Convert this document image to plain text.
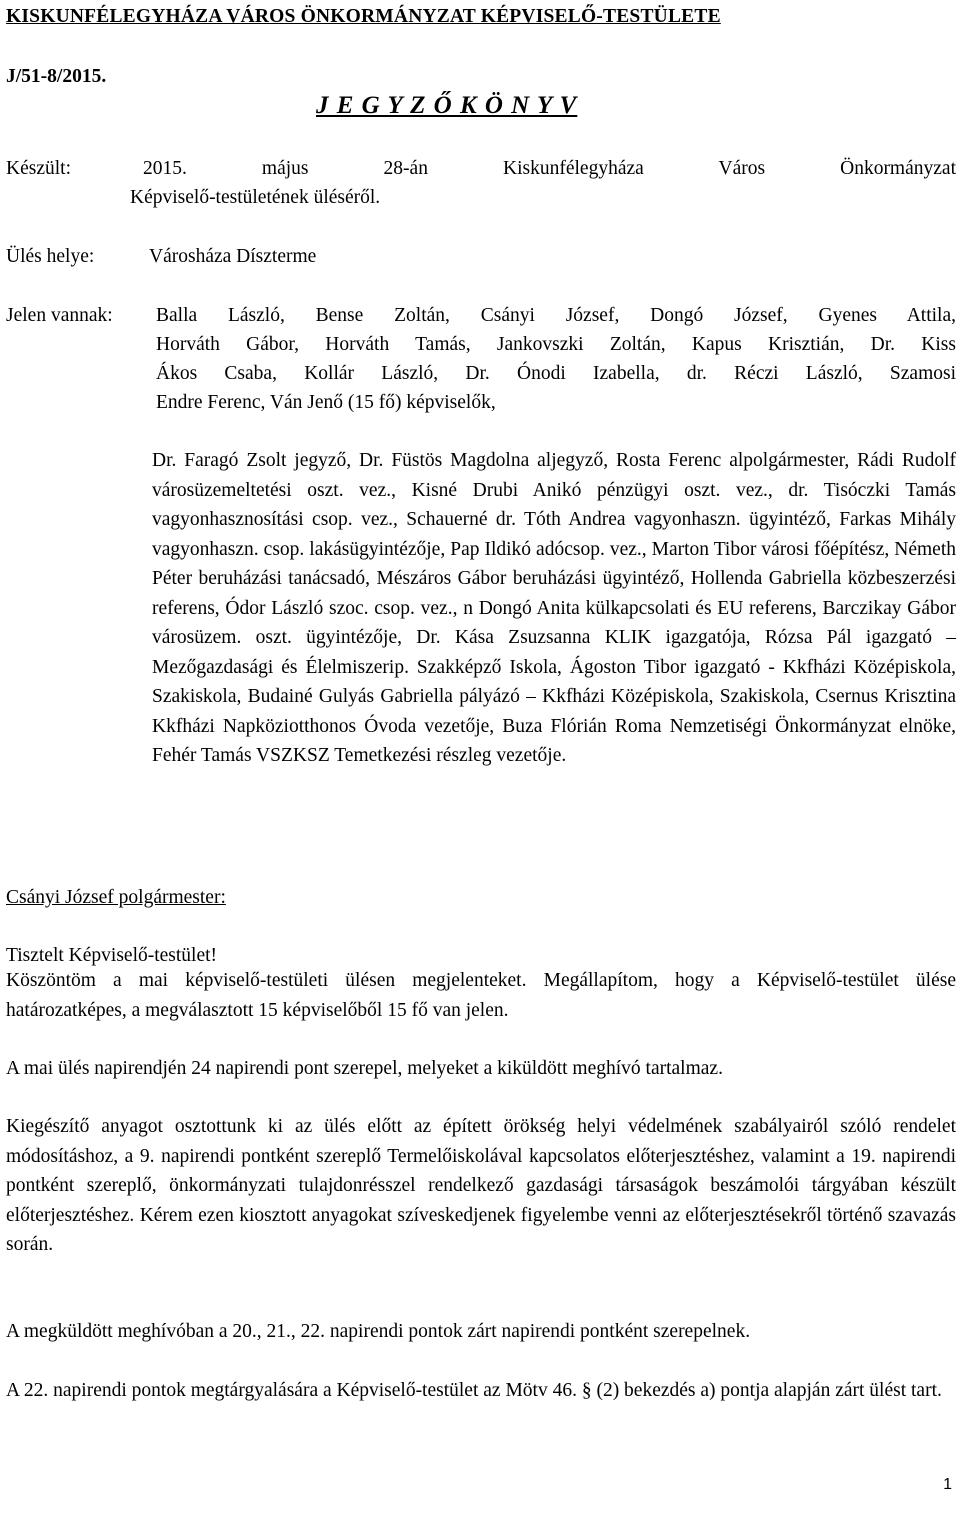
KISKUNFÉLEGYHÁZA VÁROS ÖNKORMÁNYZAT KÉPVISELŐ-TESTÜLETE
J/51-8/2015.
J E G Y Z Ő K Ö N Y V
Készült:	2015.   május   28-án   Kiskunfélegyháza   Város   Önkormányzat
Képviselő-testületének üléséről.
Ülés helye:	Városháza Díszterme
Jelen vannak: Balla László, Bense Zoltán, Csányi József, Dongó József, Gyenes Attila,
Horváth Gábor, Horváth Tamás, Jankovszki Zoltán, Kapus Krisztián, Dr. Kiss
Ákos Csaba, Kollár László, Dr. Ónodi Izabella, dr. Réczi László, Szamosi
Endre Ferenc, Ván Jenő (15 fő) képviselők,

Dr. Faragó Zsolt jegyző, Dr. Füstös Magdolna aljegyző, Rosta Ferenc alpolgármester, Rádi Rudolf városüzemeltetési oszt. vez., Kisné Drubi Anikó pénzügyi oszt. vez., dr. Tisóczki Tamás vagyonhasznosítási csop. vez., Schauerné dr. Tóth Andrea vagyonhaszn. ügyintéző, Farkas Mihály vagyonhaszn. csop. lakásügyintézője, Pap Ildikó adócsop. vez., Marton Tibor városi főépítész, Németh Péter beruházási tanácsadó, Mészáros Gábor beruházási ügyintéző, Hollenda Gabriella közbeszerzési referens, Ódor László szoc. csop. vez., n Dongó Anita külkapcsolati és EU referens, Barczikay Gábor városüzem. oszt. ügyintézője, Dr. Kása Zsuzsanna KLIK igazgatója, Rózsa Pál igazgató – Mezőgazdasági és Élelmiszerip. Szakképző Iskola, Ágoston Tibor igazgató - Kkfházi Középiskola, Szakiskola, Budainé Gulyás Gabriella pályázó – Kkfházi Középiskola, Szakiskola, Csernus Krisztina Kkfházi Napköziotthonos Óvoda vezetője, Buza Flórián Roma Nemzetiségi Önkormányzat elnöke, Fehér Tamás VSZKSZ Temetkezési részleg vezetője.

Csányi József polgármester:
Tisztelt Képviselő-testület!

Köszöntöm a mai képviselő-testületi ülésen megjelenteket. Megállapítom, hogy a Képviselő-testület ülése határozatképes, a megválasztott 15 képviselőből 15 fő van jelen.

A mai ülés napirendjén 24 napirendi pont szerepel, melyeket a kiküldött meghívó tartalmaz.

Kiegészítő anyagot osztottunk ki az ülés előtt az épített örökség helyi védelmének szabályairól szóló rendelet módosításhoz, a 9. napirendi pontként szereplő Termelőiskolával kapcsolatos előterjesztéshez, valamint a 19. napirendi pontként szereplő, önkormányzati tulajdonrésszel rendelkező gazdasági társaságok beszámolói tárgyában készült előterjesztéshez. Kérem ezen kiosztott anyagokat szíveskedjenek figyelembe venni az előterjesztésekről történő szavazás során.

A megküldött meghívóban a 20., 21., 22. napirendi pontok zárt napirendi pontként szerepelnek.

A 22. napirendi pontok megtárgyalására a Képviselő-testület az Mötv 46. § (2) bekezdés a) pontja alapján zárt ülést tart.

1
